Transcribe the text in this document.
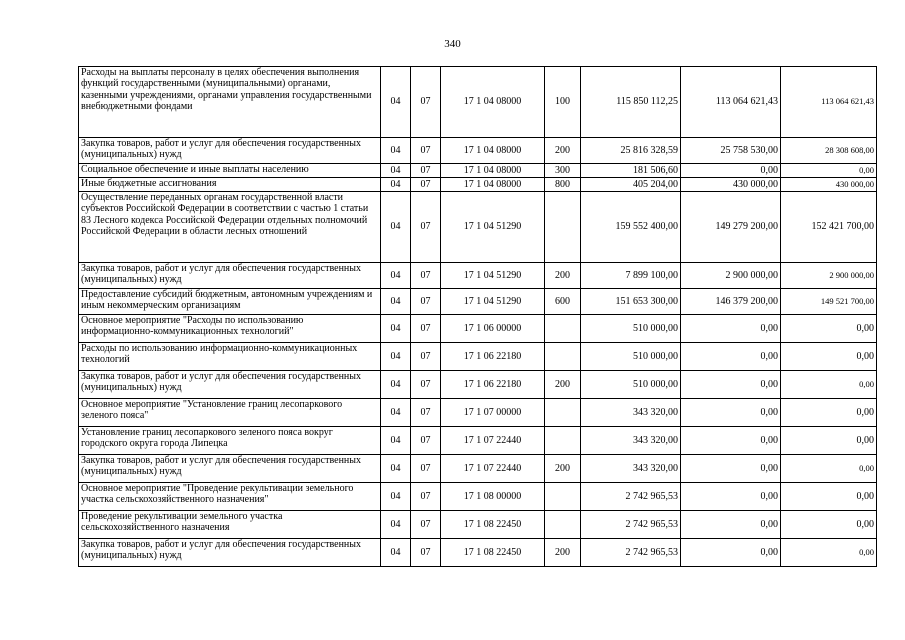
340
Расходы на выплаты персоналу в целях обеспечения выполнения функций государственными (муниципальными) органами, казенными учреждениями, органами управления государственными внебюджетными фондами	04	07	17 1 04 08000	100	115 850 112,25	113 064 621,43	113 064 621,43
Закупка товаров, работ и услуг для обеспечения государственных (муниципальных) нужд	04	07	17 1 04 08000	200	25 816 328,59	25 758 530,00	28 308 608,00
Социальное обеспечение и иные выплаты населению	04	07	17 1 04 08000	300	181 506,60	0,00	0,00
Иные бюджетные ассигнования	04	07	17 1 04 08000	800	405 204,00	430 000,00	430 000,00
Осуществление переданных органам государственной власти субъектов Российской Федерации в соответствии с частью 1 статьи 83 Лесного кодекса Российской Федерации отдельных полномочий Российской Федерации в области лесных отношений	04	07	17 1 04 51290		159 552 400,00	149 279 200,00	152 421 700,00
Закупка товаров, работ и услуг для обеспечения государственных (муниципальных) нужд	04	07	17 1 04 51290	200	7 899 100,00	2 900 000,00	2 900 000,00
Предоставление субсидий бюджетным, автономным учреждениям и иным некоммерческим организациям	04	07	17 1 04 51290	600	151 653 300,00	146 379 200,00	149 521 700,00
Основное мероприятие "Расходы по использованию информационно-коммуникационных технологий"	04	07	17 1 06 00000		510 000,00	0,00	0,00
Расходы по использованию информационно-коммуникационных технологий	04	07	17 1 06 22180		510 000,00	0,00	0,00
Закупка товаров, работ и услуг для обеспечения государственных (муниципальных) нужд	04	07	17 1 06 22180	200	510 000,00	0,00	0,00
Основное мероприятие "Установление границ лесопаркового зеленого пояса"	04	07	17 1 07 00000		343 320,00	0,00	0,00
Установление границ лесопаркового зеленого пояса вокруг городского округа города Липецка	04	07	17 1 07 22440		343 320,00	0,00	0,00
Закупка товаров, работ и услуг для обеспечения государственных (муниципальных) нужд	04	07	17 1 07 22440	200	343 320,00	0,00	0,00
Основное мероприятие "Проведение рекультивации земельного участка сельскохозяйственного назначения"	04	07	17 1 08 00000		2 742 965,53	0,00	0,00
Проведение рекультивации земельного участка сельскохозяйственного назначения	04	07	17 1 08 22450		2 742 965,53	0,00	0,00
Закупка товаров, работ и услуг для обеспечения государственных (муниципальных) нужд	04	07	17 1 08 22450	200	2 742 965,53	0,00	0,00
